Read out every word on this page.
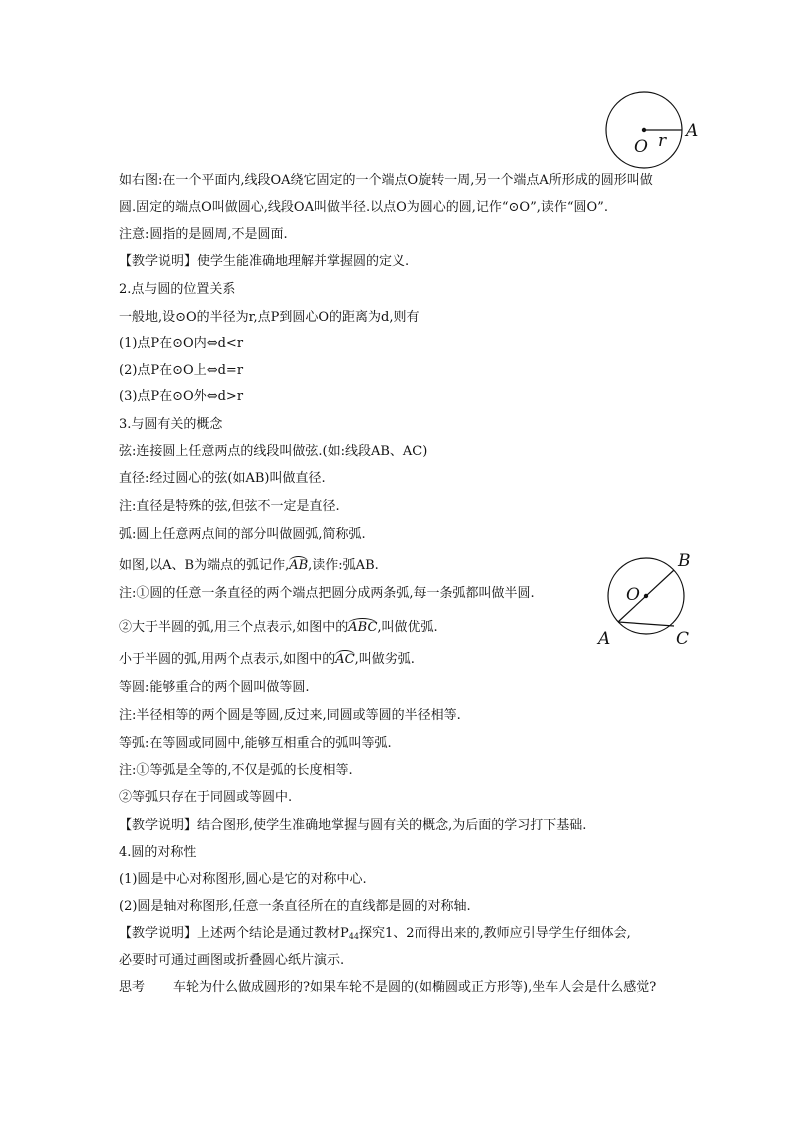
O r A
如右图:在一个平面内,线段OA绕它固定的一个端点O旋转一周,另一个端点A所形成的圆形叫做
圆.固定的端点O叫做圆心,线段OA叫做半径.以点O为圆心的圆,记作“⊙O”,读作“圆O”.
注意:圆指的是圆周,不是圆面.
【教学说明】使学生能准确地理解并掌握圆的定义.
2.点与圆的位置关系
一般地,设⊙O的半径为r,点P到圆心O的距离为d,则有
(1)点P在⊙O内⇔d<r
(2)点P在⊙O上⇔d=r
(3)点P在⊙O外⇔d>r
3.与圆有关的概念
弦:连接圆上任意两点的线段叫做弦.(如:线段AB、AC)
直径:经过圆心的弦(如AB)叫做直径.
注:直径是特殊的弦,但弦不一定是直径.
弧:圆上任意两点间的部分叫做圆弧,简称弧.
如图,以A、B为端点的弧记作,AB,读作:弧AB.
注:①圆的任意一条直径的两个端点把圆分成两条弧,每一条弧都叫做半圆.
②大于半圆的弧,用三个点表示,如图中的ABC,叫做优弧.
小于半圆的弧,用两个点表示,如图中的AC,叫做劣弧.
O
B
A	C
等圆:能够重合的两个圆叫做等圆.
注:半径相等的两个圆是等圆,反过来,同圆或等圆的半径相等.
等弧:在等圆或同圆中,能够互相重合的弧叫等弧.
注:①等弧是全等的,不仅是弧的长度相等.
②等弧只存在于同圆或等圆中.
【教学说明】结合图形,使学生准确地掌握与圆有关的概念,为后面的学习打下基础.
4.圆的对称性
(1)圆是中心对称图形,圆心是它的对称中心.
(2)圆是轴对称图形,任意一条直径所在的直线都是圆的对称轴.
【教学说明】上述两个结论是通过教材$P_{44}$探究1、2而得出来的,教师应引导学生仔细体会,
必要时可通过画图或折叠圆心纸片演示.
思考 车轮为什么做成圆形的?如果车轮不是圆的(如椭圆或正方形等),坐车人会是什么感觉?
